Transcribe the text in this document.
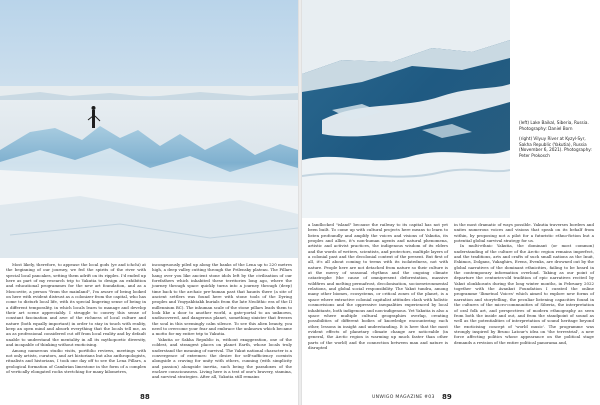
Most likely, therefore, to appease the local gods (ye and ichchi) at the beginning of our journey, we fed the spirits of the river with special local pancakes, setting them adrift on its ripples. I'd ended up here as part of my research trip to Yakutia to design an exhibition and educational programmes for the new art foundation, and as a Moscovite, a person "from the mainland", I'm aware of being looked on here with evident distrust as a colonizer from the capital, who has come to disturb local life, with its special lingering sense of being in a different temporality, in which locals learn to manage and develop their art scene appreciably. I struggle to convey this sense of constant fascination and awe of the richness of local culture and nature (both equally important) in order to stay in touch with reality, keep an open mind and absorb everything that the locals tell me, as an as professional considered cut off from local reality and by default unable to understand the mentality in all its mythopoetic diversity, and incapable of thinking without exoticising.

Among numerous studio visits, portfolio reviews, meetings with not only artists, curators, and art historians but also anthropologists, ritualists and historians, I took one day off to see the Lena Pillars, a geological formation of Cambrian limestone in the form of a complex of vertically elongated rocks stretching for many kilometres,

incongruously piled up along the banks of the Lena up to 220 metres high, a deep valley cutting through the Prilensky plateau. The Pillars hang over you like ancient stone idols left by the civilisation of our forefathers which inhabited these territories long ago, where the journey through space quickly turns into a journey through (deep) time back to the archaic pre-human past that haunts there (a site of ancient settlers was found here with stone tools of the Dyring peoples and Ymyyakhtakh burials from the late Neolithic era of the II millennium BC). The inhuman scale of the stone pillars leads them to look like a door to another world, a gate-portal to an unknown, undiscovered, and dangerous planet, something sinister that freezes the soul in this seemingly calm silence. To see this alien beauty, you need to overcome your fear and embrace the unknown which became a motto for my entire trip to Yakutia.

Yakutia or Sakha Republic is, without exaggeration, one of the coldest, and strangest places on planet Earth, whose locals truly understand the meaning of survival. The Yakut national character is a convergence of extremes: the desire for self-sufficiency coexists alongside a craving for unity with others, cunning (with simplicity and passion) alongside inertia, such being the paradoxes of the enclave consciousness. Living here is a test of one's bravery, stamina, and survival strategies. After all, Yakutia still remains

88

(left) Lake Baikal, Siberia, Russia. Photography: Daniel Born

(right) Vilyuy River at Kyzyl-Syr, Sakha Republic (Yakutia), Russia (November 6, 2021). Photography: Peter Prokosch

a landlocked "island" because the railway to its capital has not yet been built. To come up with cultural projects here means to learn to listen profoundly and amplify the voices and visions of Yakutia, its peoples and allies, it's non-human agents and natural phenomena, artistic and activist practices, the indigenous wisdom of its elders and the words of writers, scientists, and protectors, multiple layers of a colonial past and the decolonial context of the present. But first of all, it's all about coming to terms with its isolatedness, not with nature. People here are not detached from nature so their culture is at the mercy of seasonal rhythms and the ongoing climate catastrophe (the cause of omnipresent deforestation, massive wildfires and melting permafrost, decolonisation, socioenvironmental relations, and global social responsibility. The Yakut tundra, among many other biomes, ecosystems, or critical zones of the planet, is a space where extractive colonial capitalist attitudes clash with holistic cosmovisions and the oppressive inequalities experienced by local inhabitants, both indigenous and non-indigenous. Yet Yakutia is also a space where multiple cultural geographies overlap, creating possibilities of different bodies of knowledge encountering each other, lessons in insight and understanding. It is here that the most evident effects of planetary climate change are noticeable (in general, the Arctic region is warming up much faster than other parts of the world) and the connection between man and nature is disrupted

in the most dramatic of ways possible. Yakutia traverses borders and unites numerous voices and visions that speak on its behalf from within, by proposing not a pilot for a futuristic ethno-fiction but a potential global survival strategy for us.

In multi-ethnic Yakutia, the dominant (or most common) understanding of the culture of the Arctic region remains imperfect, and the traditions, arts and crafts of such small nations as the Inuit, Eskimos, Dolgans, Yukaghirs, Evens, Evenks, are drowned out by the global narratives of the dominant ethnicities, failing to be heard in the contemporary information overload. Taking as our point of departure the centuries-old tradition of epic narratives recited by Yakut olonkhosuts during the long winter months, in February 2022 together with the Avankut Foundation I curated the online programme 'Ilimetnol Voices' which aimed to explore new forms of narration and storytelling, the peculiar listening capacities found in the cultures of the micro-communities of Siberia, the interpretation of oral folk art, and perspectives of modern ethnography as seen from both the inside and out, and from the standpoint of sound as well as the potentialities of interpretation of sound heritage beyond the exoticising concept of 'world music'. The programme was strongly inspired by Bruno Latour's idea on 'the terrestrial', a new force affecting politics whose appearance on the political stage demands a revision of the entire political panorama and,

UNWIGO MAGAZINE #03 89
